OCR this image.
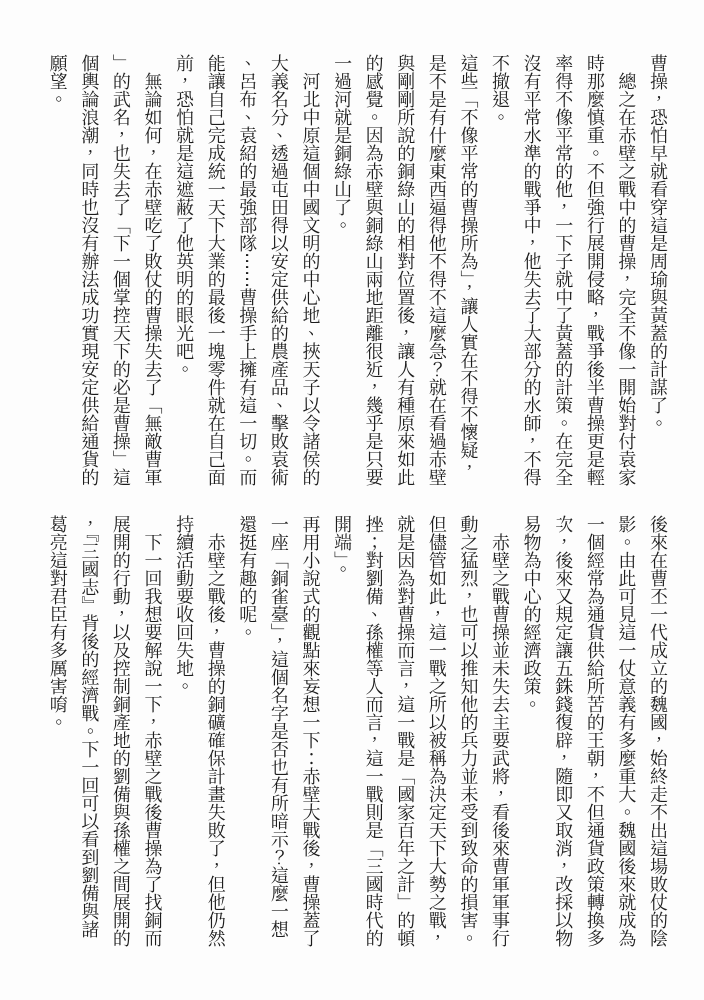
曹操，恐怕早就看穿這是周瑜與黃蓋的計謀了。

　總之在赤壁之戰中的曹操，完全不像一開始對付袁家時那麼慎重。不但強行展開侵略，戰爭後半曹操更是輕率得不像平常的他，一下子就中了黃蓋的計策。在完全沒有平常水準的戰爭中，他失去了大部分的水師，不得不撤退。

這些「不像平常的曹操所為」，讓人實在不得不懷疑，是不是有什麼東西逼得他不得不這麼急？就在看過赤壁與剛剛所說的銅綠山的相對位置後，讓人有種原來如此的感覺。因為赤壁與銅綠山兩地距離很近，幾乎是只要一過河就是銅綠山了。

　河北中原這個中國文明的中心地、挾天子以令諸侯的大義名分、透過屯田得以安定供給的農產品、擊敗袁術、呂布、袁紹的最強部隊⋯⋯曹操手上擁有這一切。而能讓自己完成統一天下大業的最後一塊零件就在自己面前，恐怕就是這遮蔽了他英明的眼光吧。

　無論如何，在赤壁吃了敗仗的曹操失去了「無敵曹軍」的武名，也失去了「下一個掌控天下的必是曹操」這個輿論浪潮，同時也沒有辦法成功實現安定供給通貨的願望。

後來在曹丕一代成立的魏國，始終走不出這場敗仗的陰影。由此可見這一仗意義有多麼重大。魏國後來就成為一個經常為通貨供給所苦的王朝，不但通貨政策轉換多次，後來又規定讓五銖錢復辟，隨即又取消，改採以物易物為中心的經濟政策。

　赤壁之戰曹操並未失去主要武將，看後來曹軍軍事行動之猛烈，也可以推知他的兵力並未受到致命的損害。但儘管如此，這一戰之所以被稱為決定天下大勢之戰，就是因為對曹操而言，這一戰是「國家百年之計」的頓挫；對劉備、孫權等人而言，這一戰則是「三國時代的開端」。

再用小說式的觀點來妄想一下：赤壁大戰後，曹操蓋了一座「銅雀臺」，這個名字是否也有所暗示？這麼一想還挺有趣的呢。

　赤壁之戰後，曹操的銅礦確保計畫失敗了，但他仍然持續活動要收回失地。

　下一回我想要解說一下，赤壁之戰後曹操為了找銅而展開的行動，以及控制銅產地的劉備與孫權之間展開的，『三國志』背後的經濟戰。下一回可以看到劉備與諸葛亮這對君臣有多厲害唷。
